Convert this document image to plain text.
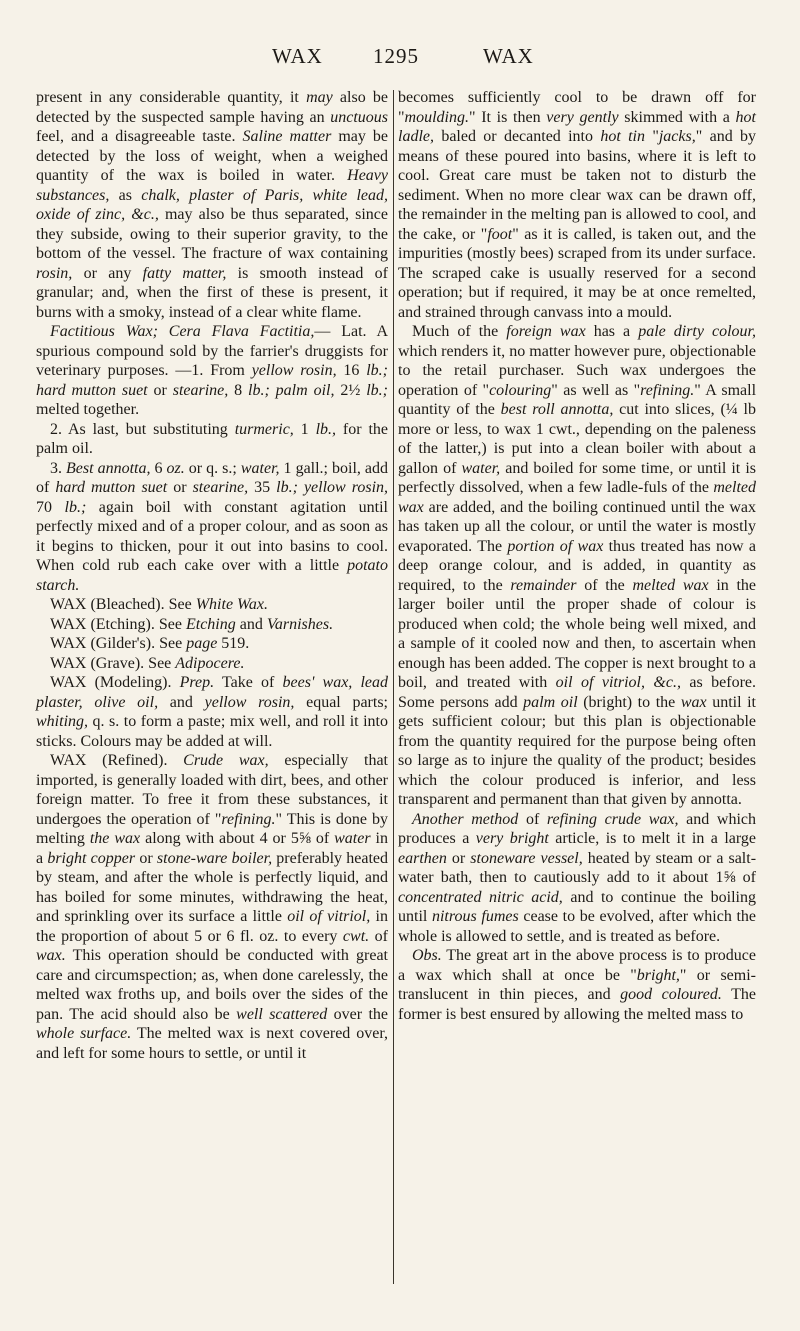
WAX 1295	WAX

present in any considerable quantity, it may also be detected by the suspected sample having an unctuous feel, and a disagreeable taste. Saline matter may be detected by the loss of weight, when a weighed quantity of the wax is boiled in water. Heavy substances, as chalk, plaster of Paris, white lead, oxide of zinc, &c., may also be thus separated, since they subside, owing to their superior gravity, to the bottom of the vessel. The fracture of wax containing rosin, or any fatty matter, is smooth instead of granular; and, when the first of these is present, it burns with a smoky, instead of a clear white flame.

Factitious Wax; Cera Flava Factitia,— Lat. A spurious compound sold by the farrier's druggists for veterinary purposes. —1. From yellow rosin, 16 lb.; hard mutton suet or stearine, 8 lb.; palm oil, 2½ lb.; melted together.

2. As last, but substituting turmeric, 1 lb., for the palm oil.

3. Best annotta, 6 oz. or q. s.; water, 1 gall.; boil, add of hard mutton suet or stearine, 35 lb.; yellow rosin, 70 lb.; again boil with constant agitation until perfectly mixed and of a proper colour, and as soon as it begins to thicken, pour it out into basins to cool. When cold rub each cake over with a little potato starch.

WAX (Bleached). See White Wax.

WAX (Etching). See Etching and Varnishes.

WAX (Gilder's). See page 519.

WAX (Grave). See Adipocere.

WAX (Modeling). Prep. Take of bees' wax, lead plaster, olive oil, and yellow rosin, equal parts; whiting, q. s. to form a paste; mix well, and roll it into sticks. Colours may be added at will.

WAX (Refined). Crude wax, especially that imported, is generally loaded with dirt, bees, and other foreign matter. To free it from these substances, it undergoes the operation of "refining." This is done by melting the wax along with about 4 or 5⅝ of water in a bright copper or stone-ware boiler, preferably heated by steam, and after the whole is perfectly liquid, and has boiled for some minutes, withdrawing the heat, and sprinkling over its surface a little oil of vitriol, in the proportion of about 5 or 6 fl. oz. to every cwt. of wax. This operation should be conducted with great care and circumspection; as, when done carelessly, the melted wax froths up, and boils over the sides of the pan. The acid should also be well scattered over the whole surface. The melted wax is next covered over, and left for some hours to settle, or until it

becomes sufficiently cool to be drawn off for "moulding." It is then very gently skimmed with a hot ladle, baled or decanted into hot tin "jacks," and by means of these poured into basins, where it is left to cool. Great care must be taken not to disturb the sediment. When no more clear wax can be drawn off, the remainder in the melting pan is allowed to cool, and the cake, or "foot" as it is called, is taken out, and the impurities (mostly bees) scraped from its under surface. The scraped cake is usually reserved for a second operation; but if required, it may be at once remelted, and strained through canvass into a mould.

Much of the foreign wax has a pale dirty colour, which renders it, no matter however pure, objectionable to the retail purchaser. Such wax undergoes the operation of "colouring" as well as "refining." A small quantity of the best roll annotta, cut into slices, (¼ lb more or less, to wax 1 cwt., depending on the paleness of the latter,) is put into a clean boiler with about a gallon of water, and boiled for some time, or until it is perfectly dissolved, when a few ladle-fuls of the melted wax are added, and the boiling continued until the wax has taken up all the colour, or until the water is mostly evaporated. The portion of wax thus treated has now a deep orange colour, and is added, in quantity as required, to the remainder of the melted wax in the larger boiler until the proper shade of colour is produced when cold; the whole being well mixed, and a sample of it cooled now and then, to ascertain when enough has been added. The copper is next brought to a boil, and treated with oil of vitriol, &c., as before. Some persons add palm oil (bright) to the wax until it gets sufficient colour; but this plan is objectionable from the quantity required for the purpose being often so large as to injure the quality of the product; besides which the colour produced is inferior, and less transparent and permanent than that given by annotta.

Another method of refining crude wax, and which produces a very bright article, is to melt it in a large earthen or stoneware vessel, heated by steam or a salt-water bath, then to cautiously add to it about 1⅝ of concentrated nitric acid, and to continue the boiling until nitrous fumes cease to be evolved, after which the whole is allowed to settle, and is treated as before.

Obs. The great art in the above process is to produce a wax which shall at once be "bright," or semi-translucent in thin pieces, and good coloured. The former is best ensured by allowing the melted mass to
